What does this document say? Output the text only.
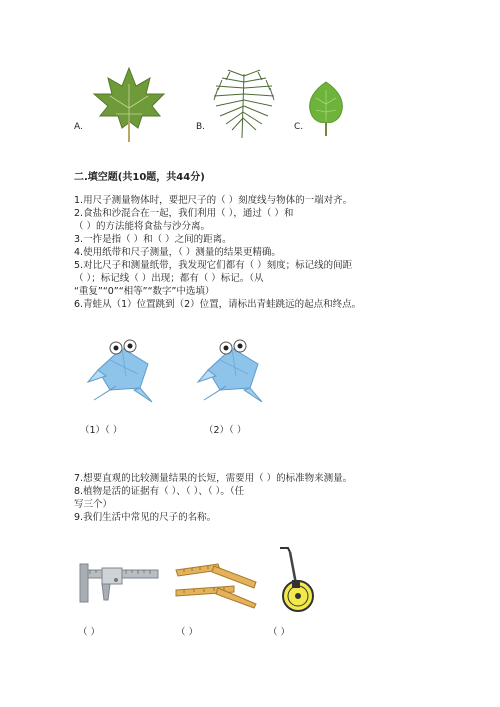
A.	B.	C.
二.填空题(共10题，共44分)
1.用尺子测量物体时，要把尺子的（ ）刻度线与物体的一端对齐。
2.食盐和沙混合在一起，我们利用（ ），通过（ ）和
（ ）的方法能将食盐与沙分离。
3.一拃是指（ ）和（ ）之间的距离。
4.使用纸带和尺子测量，（ ）测量的结果更精确。
5.对比尺子和测量纸带，我发现它们都有（ ）刻度；标记线的间距
（ ）；标记线（ ）出现；都有（ ）标记。（从
“重复”“0”“相等”“数字”中选填）
6.青蛙从（1）位置跳到（2）位置，请标出青蛙跳远的起点和终点。
（1）（ ）	（2）（ ）
7.想要直观的比较测量结果的长短，需要用（ ）的标准物来测量。
8.植物是活的证据有（ ）、（ ）、（ ）。（任
写三个）
9.我们生活中常见的尺子的名称。
（ ）	（ ）	（ ）
